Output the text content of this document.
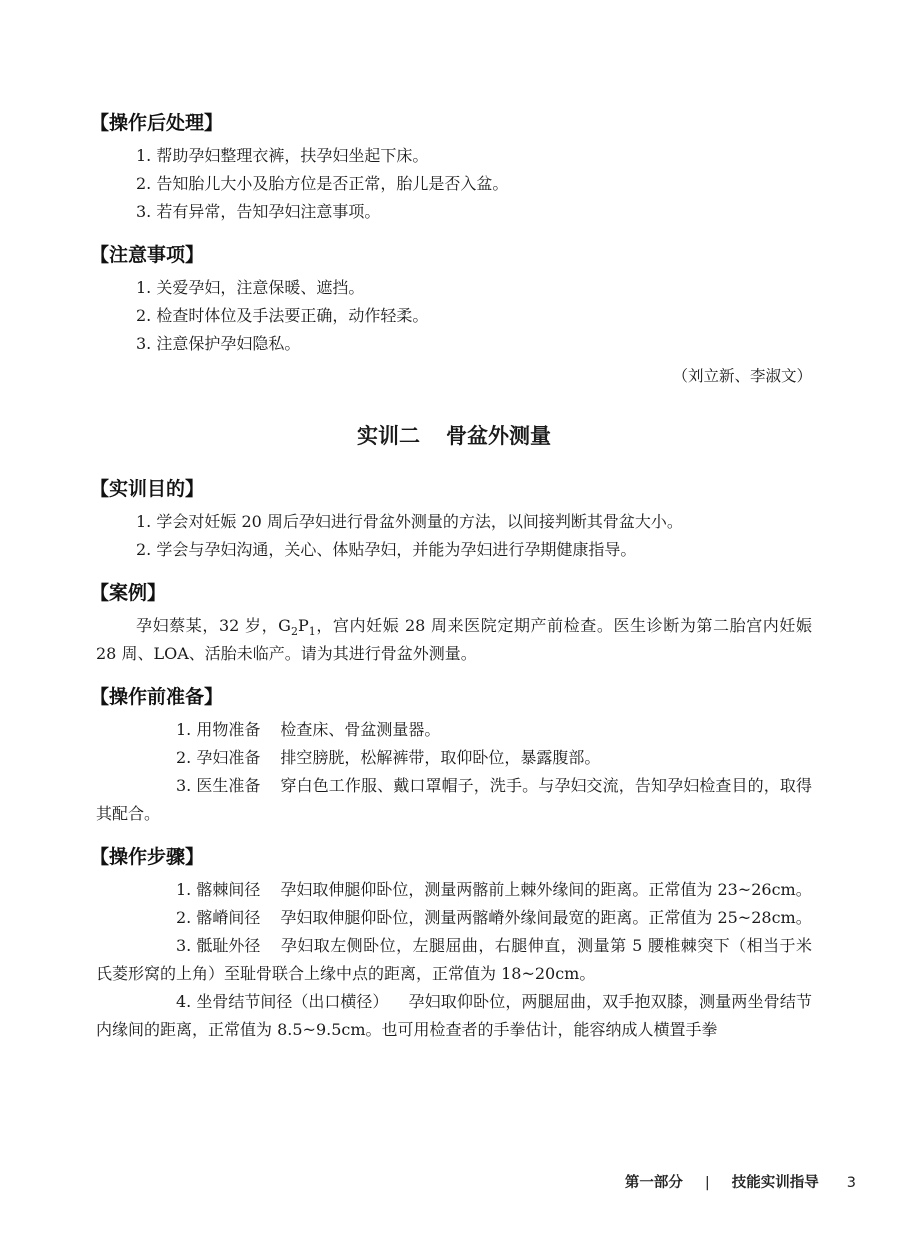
【操作后处理】

1. 帮助孕妇整理衣裤，扶孕妇坐起下床。

2. 告知胎儿大小及胎方位是否正常，胎儿是否入盆。

3. 若有异常，告知孕妇注意事项。

【注意事项】

1. 关爱孕妇，注意保暖、遮挡。

2. 检查时体位及手法要正确，动作轻柔。

3. 注意保护孕妇隐私。

（刘立新、李淑文）

实训二 骨盆外测量

【实训目的】

1. 学会对妊娠 20 周后孕妇进行骨盆外测量的方法，以间接判断其骨盆大小。

2. 学会与孕妇沟通，关心、体贴孕妇，并能为孕妇进行孕期健康指导。

【案例】

孕妇蔡某，32 岁，$G_2P_1$，宫内妊娠 28 周来医院定期产前检查。医生诊断为第二胎宫内妊娠 28 周、LOA、活胎未临产。请为其进行骨盆外测量。

【操作前准备】

1. 用物准备 检查床、骨盆测量器。

2. 孕妇准备 排空膀胱，松解裤带，取仰卧位，暴露腹部。

3. 医生准备 穿白色工作服、戴口罩帽子，洗手。与孕妇交流，告知孕妇检查目的，取得其配合。

【操作步骤】

1. 髂棘间径 孕妇取伸腿仰卧位，测量两髂前上棘外缘间的距离。正常值为 23~26cm。

2. 髂嵴间径 孕妇取伸腿仰卧位，测量两髂嵴外缘间最宽的距离。正常值为 25~28cm。

3. 骶耻外径 孕妇取左侧卧位，左腿屈曲，右腿伸直，测量第 5 腰椎棘突下（相当于米氏菱形窝的上角）至耻骨联合上缘中点的距离，正常值为 18~20cm。

4. 坐骨结节间径（出口横径） 孕妇取仰卧位，两腿屈曲，双手抱双膝，测量两坐骨结节内缘间的距离，正常值为 8.5~9.5cm。也可用检查者的手拳估计，能容纳成人横置手拳

第一部分 | 技能实训指导 3
